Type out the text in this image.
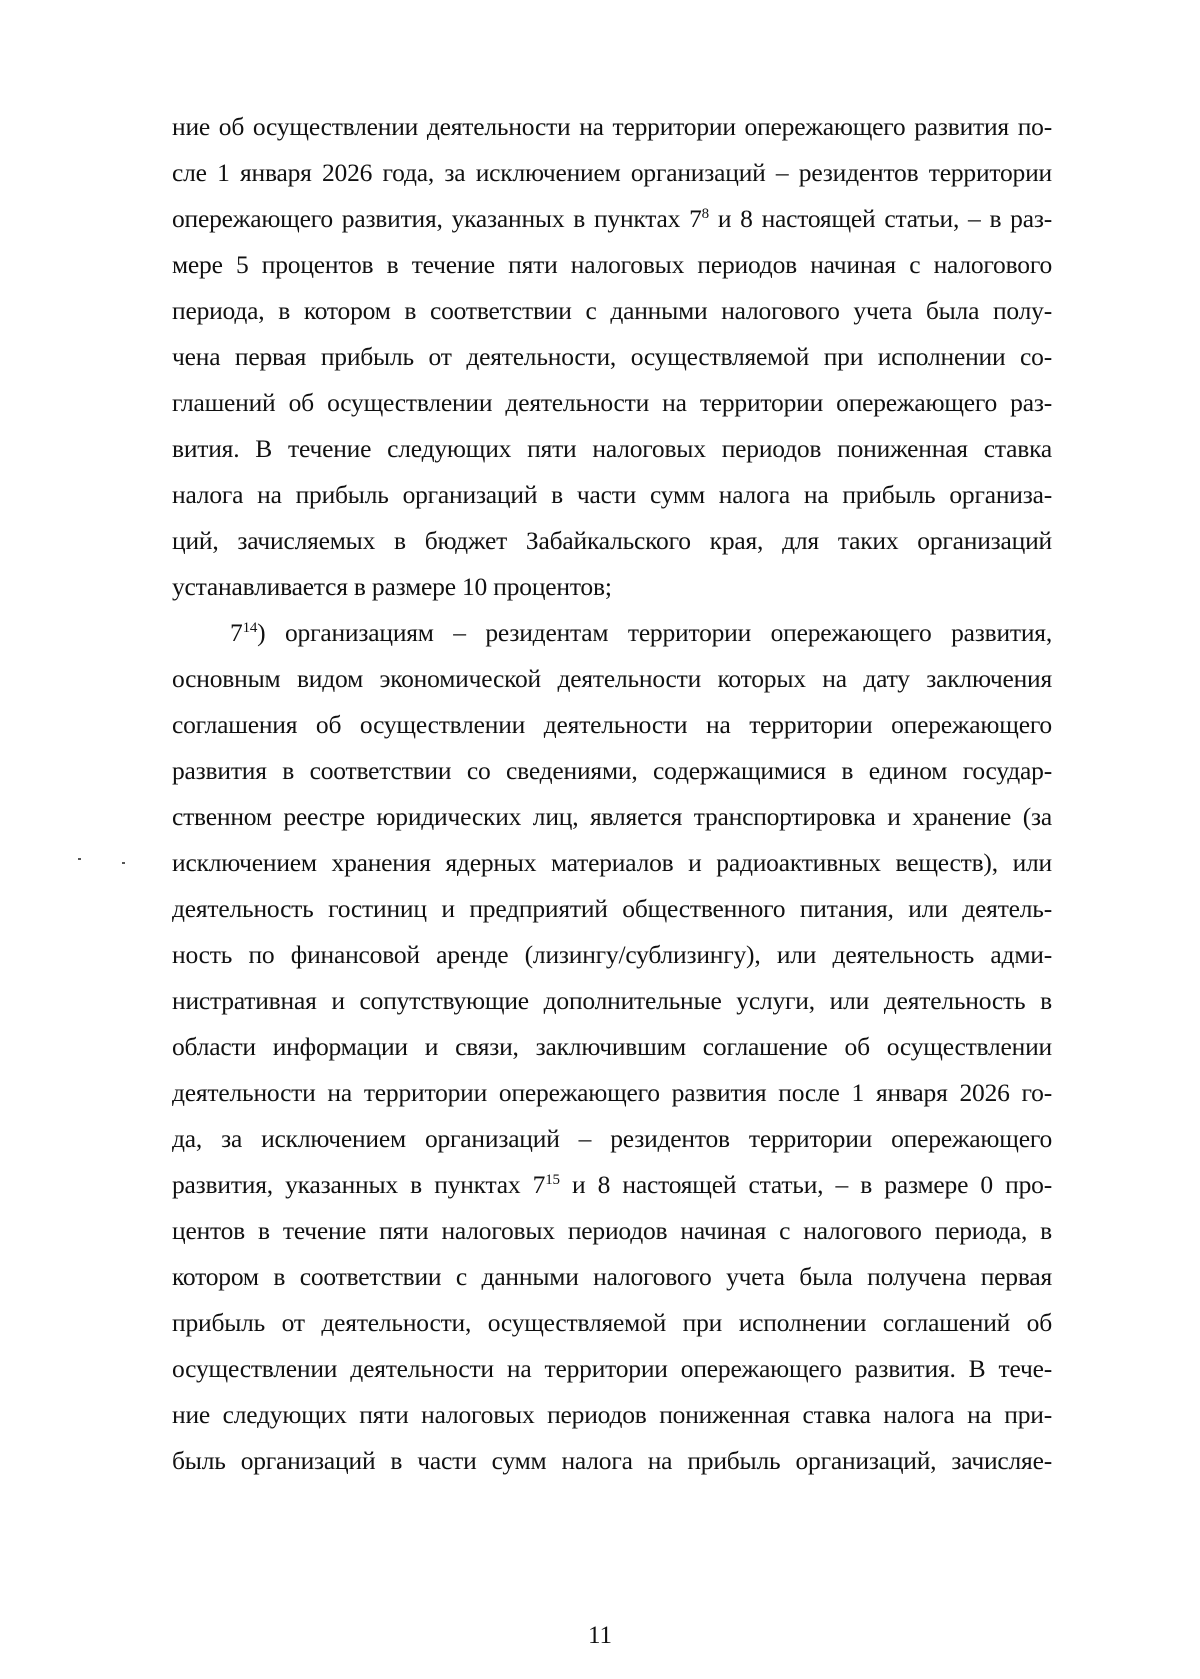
ние об осуществлении деятельности на территории опережающего развития по-
сле 1 января 2026 года, за исключением организаций – резидентов территории
опережающего развития, указанных в пунктах $7^8$ и 8 настоящей статьи, – в раз-
мере 5 процентов в течение пяти налоговых периодов начиная с налогового
периода, в котором в соответствии с данными налогового учета была полу-
чена первая прибыль от деятельности, осуществляемой при исполнении со-
глашений об осуществлении деятельности на территории опережающего раз-
вития. В течение следующих пяти налоговых периодов пониженная ставка
налога на прибыль организаций в части сумм налога на прибыль организа-
ций, зачисляемых в бюджет Забайкальского края, для таких организаций
устанавливается в размере 10 процентов;
$7^{14}$) организациям – резидентам территории опережающего развития,
основным видом экономической деятельности которых на дату заключения
соглашения об осуществлении деятельности на территории опережающего
развития в соответствии со сведениями, содержащимися в едином государ-
ственном реестре юридических лиц, является транспортировка и хранение (за
исключением хранения ядерных материалов и радиоактивных веществ), или
деятельность гостиниц и предприятий общественного питания, или деятель-
ность по финансовой аренде (лизингу/сублизингу), или деятельность адми-
нистративная и сопутствующие дополнительные услуги, или деятельность в
области информации и связи, заключившим соглашение об осуществлении
деятельности на территории опережающего развития после 1 января 2026 го-
да, за исключением организаций – резидентов территории опережающего
развития, указанных в пунктах $7^{15}$ и 8 настоящей статьи, – в размере 0 про-
центов в течение пяти налоговых периодов начиная с налогового периода, в
котором в соответствии с данными налогового учета была получена первая
прибыль от деятельности, осуществляемой при исполнении соглашений об
осуществлении деятельности на территории опережающего развития. В тече-
ние следующих пяти налоговых периодов пониженная ставка налога на при-
быль организаций в части сумм налога на прибыль организаций, зачисляе-
11
